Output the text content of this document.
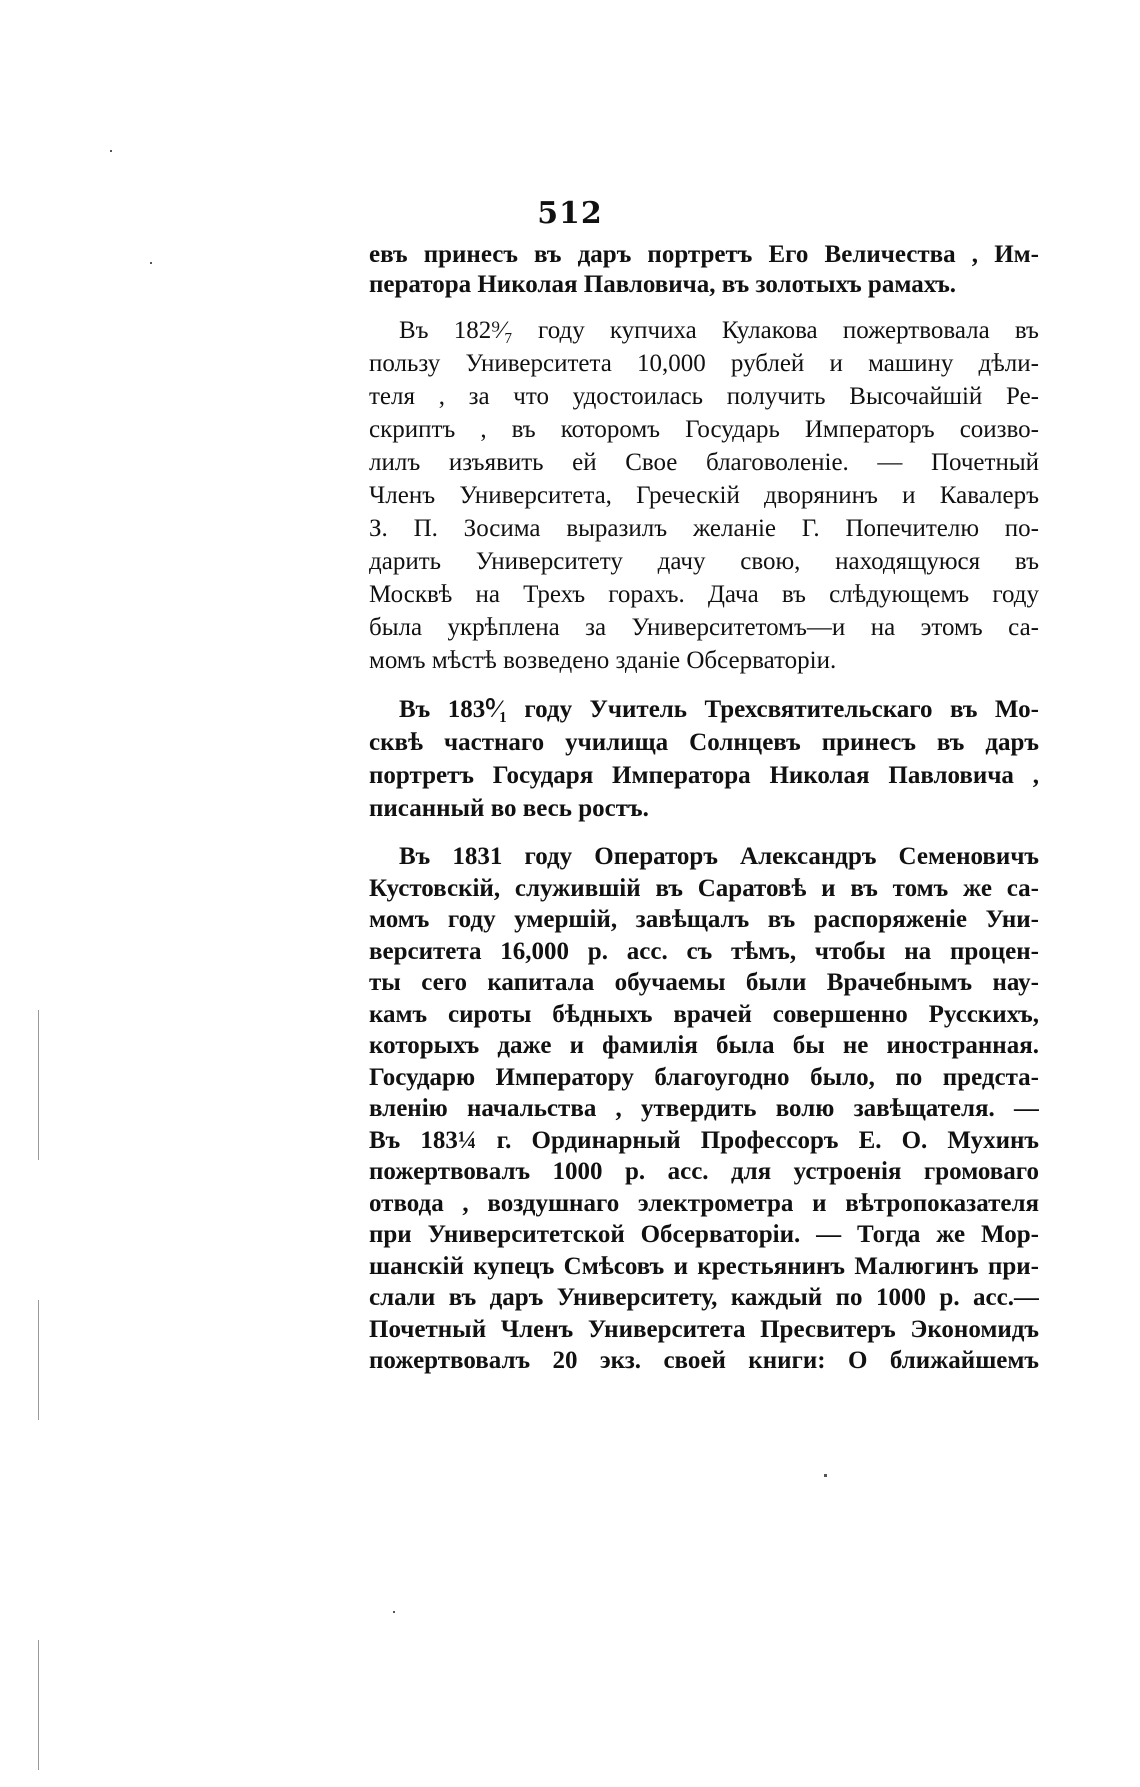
512
евъ принесъ въ даръ портретъ Его Величества , Им-
ператора Николая Павловича, въ золотыхъ рамахъ.
Въ 182⁹⁄₇ году купчиха Кулакова пожертвовала въ
пользу Университета 10,000 рублей и машину дѣли-
теля , за что удостоилась получить Высочайшій Ре-
скриптъ , въ которомъ Государь Императоръ соизво-
лилъ изъявить ей Свое благоволеніе. — Почетный
Членъ Университета, Греческій дворянинъ и Кавалеръ
З. П. Зосима выразилъ желаніе Г. Попечителю по-
дарить Университету дачу свою, находящуюся въ
Москвѣ на Трехъ горахъ. Дача въ слѣдующемъ году
была укрѣплена за Университетомъ—и на этомъ са-
момъ мѣстѣ возведено зданіе Обсерваторіи.
Въ 183⁰⁄₁ году Учитель Трехсвятительскаго въ Мо-
сквѣ частнаго училища Солнцевъ принесъ въ даръ
портретъ Государя Императора Николая Павловича ,
писанный во весь ростъ.
Въ 1831 году Операторъ Александръ Семеновичъ
Кустовскій, служившій въ Саратовѣ и въ томъ же са-
момъ году умершій, завѣщалъ въ распоряженіе Уни-
верситета 16,000 р. асс. съ тѣмъ, чтобы на процен-
ты сего капитала обучаемы были Врачебнымъ нау-
камъ сироты бѣдныхъ врачей совершенно Русскихъ,
которыхъ даже и фамилія была бы не иностранная.
Государю Императору благоугодно было, по предста-
вленію начальства , утвердить волю завѣщателя. —
Въ 183¼ г. Ординарный Профессоръ Е. О. Мухинъ
пожертвовалъ 1000 р. асс. для устроенія громоваго
отвода , воздушнаго электрометра и вѣтропоказателя
при Университетской Обсерваторіи. — Тогда же Мор-
шанскій купецъ Смѣсовъ и крестьянинъ Малюгинъ при-
слали въ даръ Университету, каждый по 1000 р. асс.—
Почетный Членъ Университета Пресвитеръ Экономидъ
пожертвовалъ 20 экз. своей книги: О ближайшемъ
